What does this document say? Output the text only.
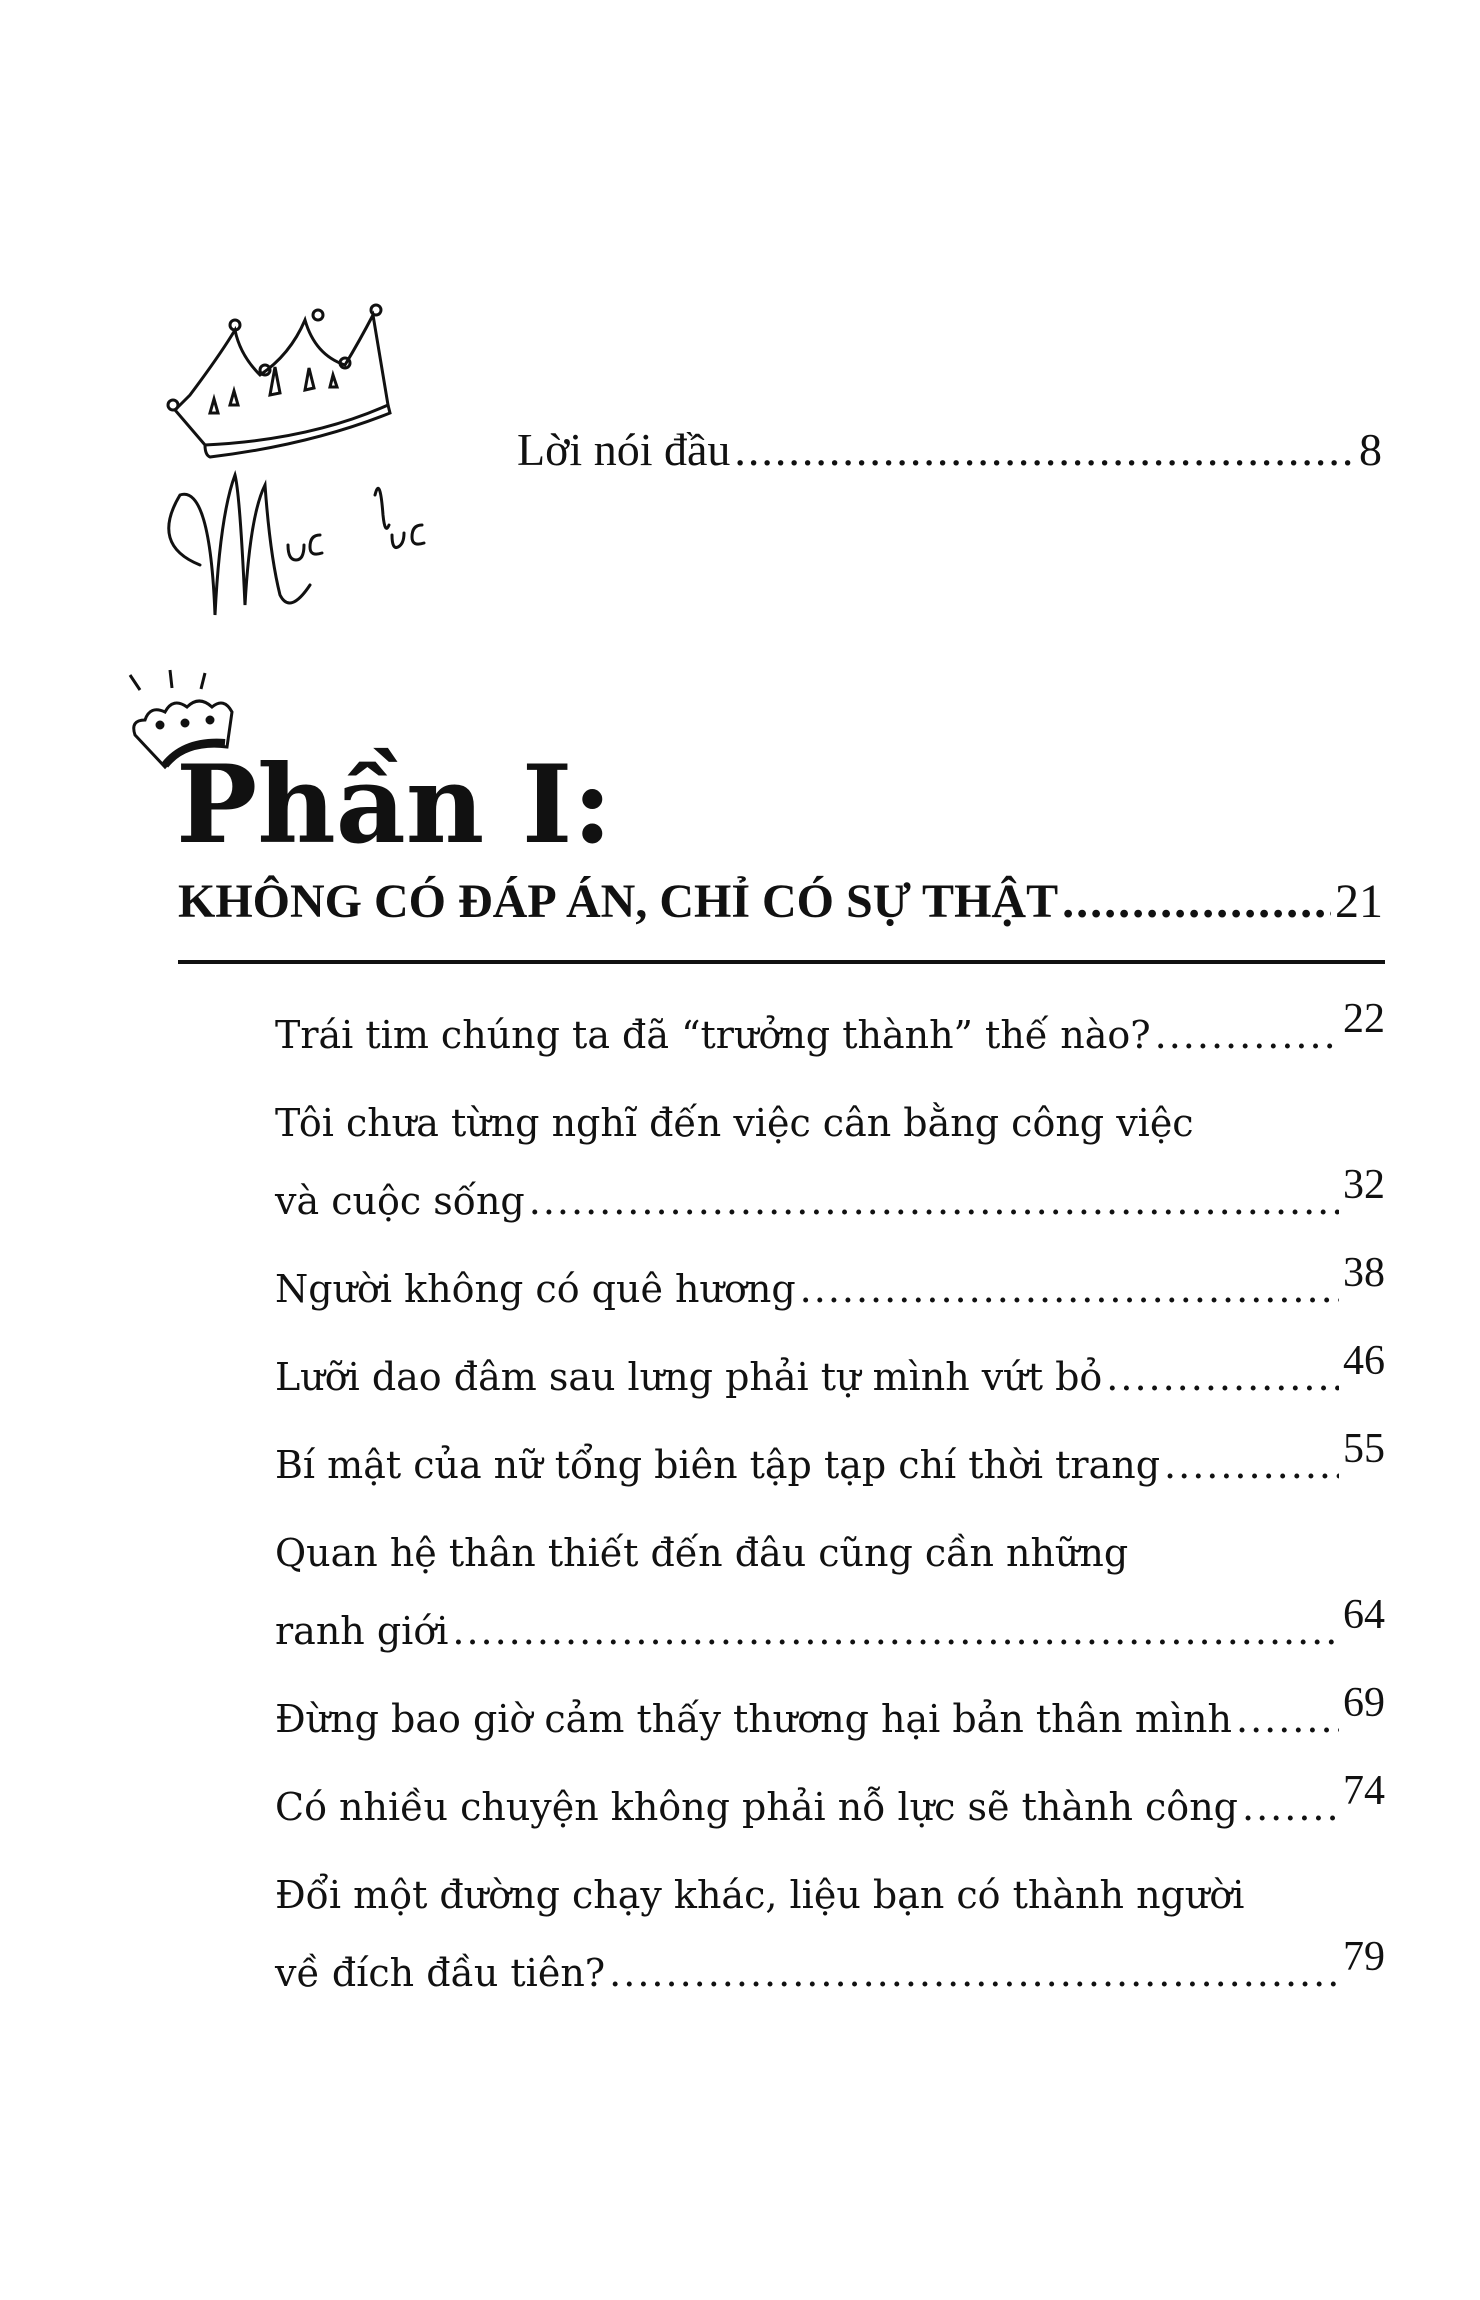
Lời nói đầu .....	8
Phần I:
KHÔNG CÓ ĐÁP ÁN, CHỈ CÓ SỰ THẬT .....	21
Trái tim chúng ta đã “trưởng thành” thế nào? .....	22
Tôi chưa từng nghĩ đến việc cân bằng công việc
và cuộc sống .....	32
Người không có quê hương .....	38
Lưỡi dao đâm sau lưng phải tự mình vứt bỏ .....	46
Bí mật của nữ tổng biên tập tạp chí thời trang .....	55
Quan hệ thân thiết đến đâu cũng cần những
ranh giới .....	64
Đừng bao giờ cảm thấy thương hại bản thân mình .....	69
Có nhiều chuyện không phải nỗ lực sẽ thành công .....	74
Đổi một đường chạy khác, liệu bạn có thành người
về đích đầu tiên? .....	79
